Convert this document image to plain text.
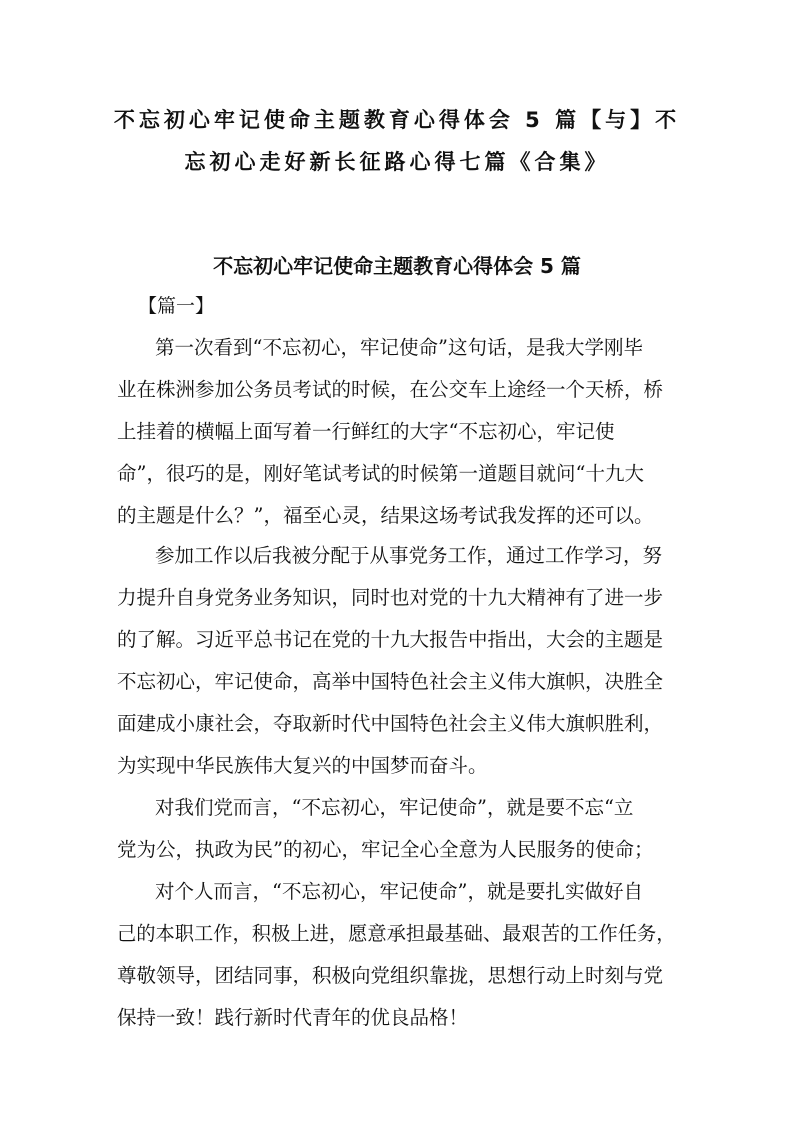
不忘初心牢记使命主题教育心得体会 5 篇【与】不
忘初心走好新长征路心得七篇《合集》
不忘初心牢记使命主题教育心得体会 5 篇

【篇一】

第一次看到“不忘初心，牢记使命”这句话，是我大学刚毕

业在株洲参加公务员考试的时候，在公交车上途经一个天桥，桥

上挂着的横幅上面写着一行鲜红的大字“不忘初心，牢记使

命”，很巧的是，刚好笔试考试的时候第一道题目就问“十九大

的主题是什么？”，福至心灵，结果这场考试我发挥的还可以。

参加工作以后我被分配于从事党务工作，通过工作学习，努

力提升自身党务业务知识，同时也对党的十九大精神有了进一步

的了解。习近平总书记在党的十九大报告中指出，大会的主题是

不忘初心，牢记使命，高举中国特色社会主义伟大旗帜，决胜全

面建成小康社会，夺取新时代中国特色社会主义伟大旗帜胜利，

为实现中华民族伟大复兴的中国梦而奋斗。

对我们党而言，“不忘初心，牢记使命”，就是要不忘“立

党为公，执政为民”的初心，牢记全心全意为人民服务的使命；

对个人而言，“不忘初心，牢记使命”，就是要扎实做好自

己的本职工作，积极上进，愿意承担最基础、最艰苦的工作任务，

尊敬领导，团结同事，积极向党组织靠拢，思想行动上时刻与党

保持一致！践行新时代青年的优良品格！
